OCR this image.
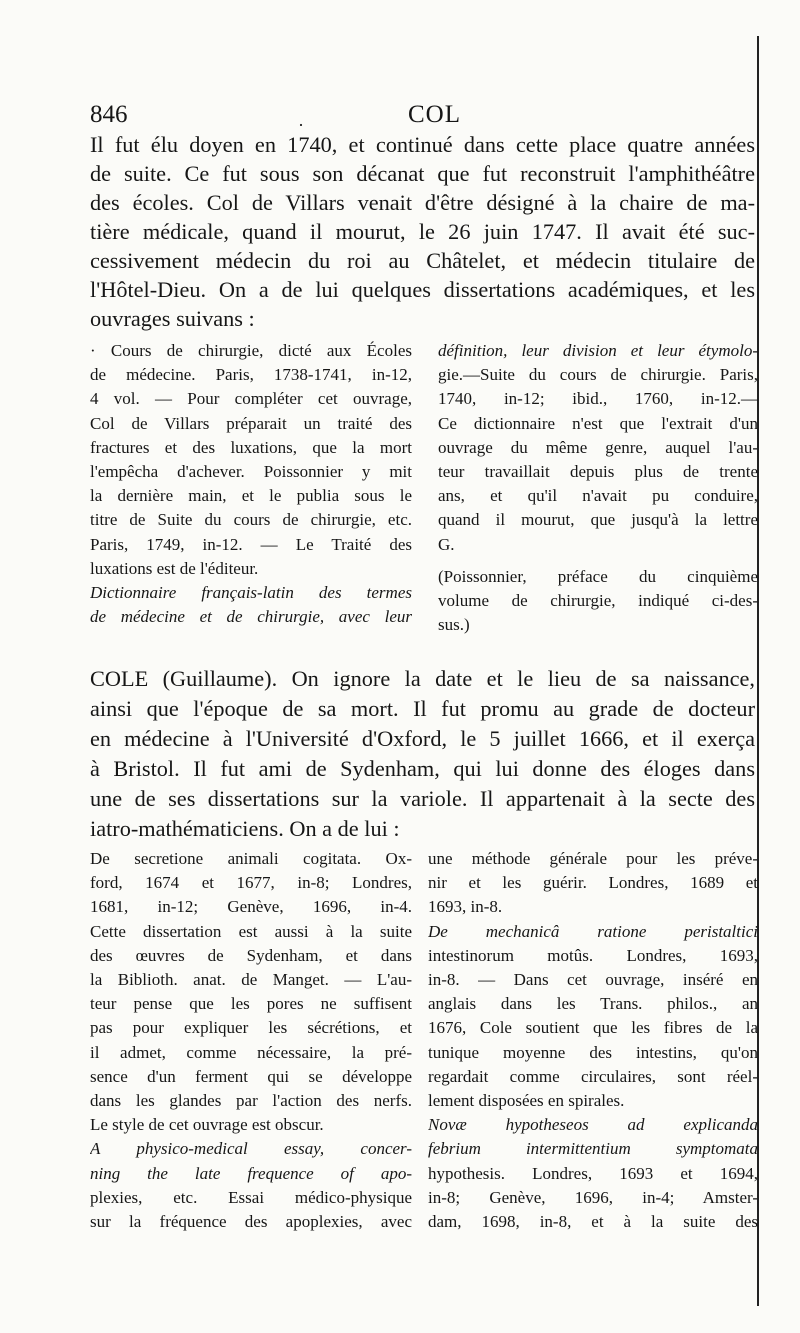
846	·	COL
Il fut élu doyen en 1740, et continué dans cette place quatre années
de suite. Ce fut sous son décanat que fut reconstruit l'amphithéâtre
des écoles. Col de Villars venait d'être désigné à la chaire de ma-
tière médicale, quand il mourut, le 26 juin 1747. Il avait été suc-
cessivement médecin du roi au Châtelet, et médecin titulaire de
l'Hôtel-Dieu. On a de lui quelques dissertations académiques, et les
ouvrages suivans :
· Cours de chirurgie, dicté aux Écoles
de médecine. Paris, 1738-1741, in-12,
4 vol. — Pour compléter cet ouvrage,
Col de Villars préparait un traité des
fractures et des luxations, que la mort
l'empêcha d'achever. Poissonnier y mit
la dernière main, et le publia sous le
titre de Suite du cours de chirurgie, etc.
Paris, 1749, in-12. — Le Traité des
luxations est de l'éditeur.
Dictionnaire français-latin des termes
de médecine et de chirurgie, avec leur
définition, leur division et leur étymolo-
gie.—Suite du cours de chirurgie. Paris,
1740, in-12; ibid., 1760, in-12.—
Ce dictionnaire n'est que l'extrait d'un
ouvrage du même genre, auquel l'au-
teur travaillait depuis plus de trente
ans, et qu'il n'avait pu conduire,
quand il mourut, que jusqu'à la lettre
G.
(Poissonnier, préface du cinquième
volume de chirurgie, indiqué ci-des-
sus.)
COLE (Guillaume). On ignore la date et le lieu de sa naissance,
ainsi que l'époque de sa mort. Il fut promu au grade de docteur
en médecine à l'Université d'Oxford, le 5 juillet 1666, et il exerça
à Bristol. Il fut ami de Sydenham, qui lui donne des éloges dans
une de ses dissertations sur la variole. Il appartenait à la secte des
iatro-mathématiciens. On a de lui :
De secretione animali cogitata. Ox-
ford, 1674 et 1677, in-8; Londres,
1681, in-12; Genève, 1696, in-4.
Cette dissertation est aussi à la suite
des œuvres de Sydenham, et dans
la Biblioth. anat. de Manget. — L'au-
teur pense que les pores ne suffisent
pas pour expliquer les sécrétions, et
il admet, comme nécessaire, la pré-
sence d'un ferment qui se développe
dans les glandes par l'action des nerfs.
Le style de cet ouvrage est obscur.
A physico-medical essay, concer-
ning the late frequence of apo-
plexies, etc. Essai médico-physique
sur la fréquence des apoplexies, avec
une méthode générale pour les préve-
nir et les guérir. Londres, 1689 et
1693, in-8.
De mechanicâ ratione peristaltici
intestinorum motûs. Londres, 1693,
in-8. — Dans cet ouvrage, inséré en
anglais dans les Trans. philos., an
1676, Cole soutient que les fibres de la
tunique moyenne des intestins, qu'on
regardait comme circulaires, sont réel-
lement disposées en spirales.
Novæ hypotheseos ad explicanda
febrium intermittentium symptomata
hypothesis. Londres, 1693 et 1694,
in-8; Genève, 1696, in-4; Amster-
dam, 1698, in-8, et à la suite des
